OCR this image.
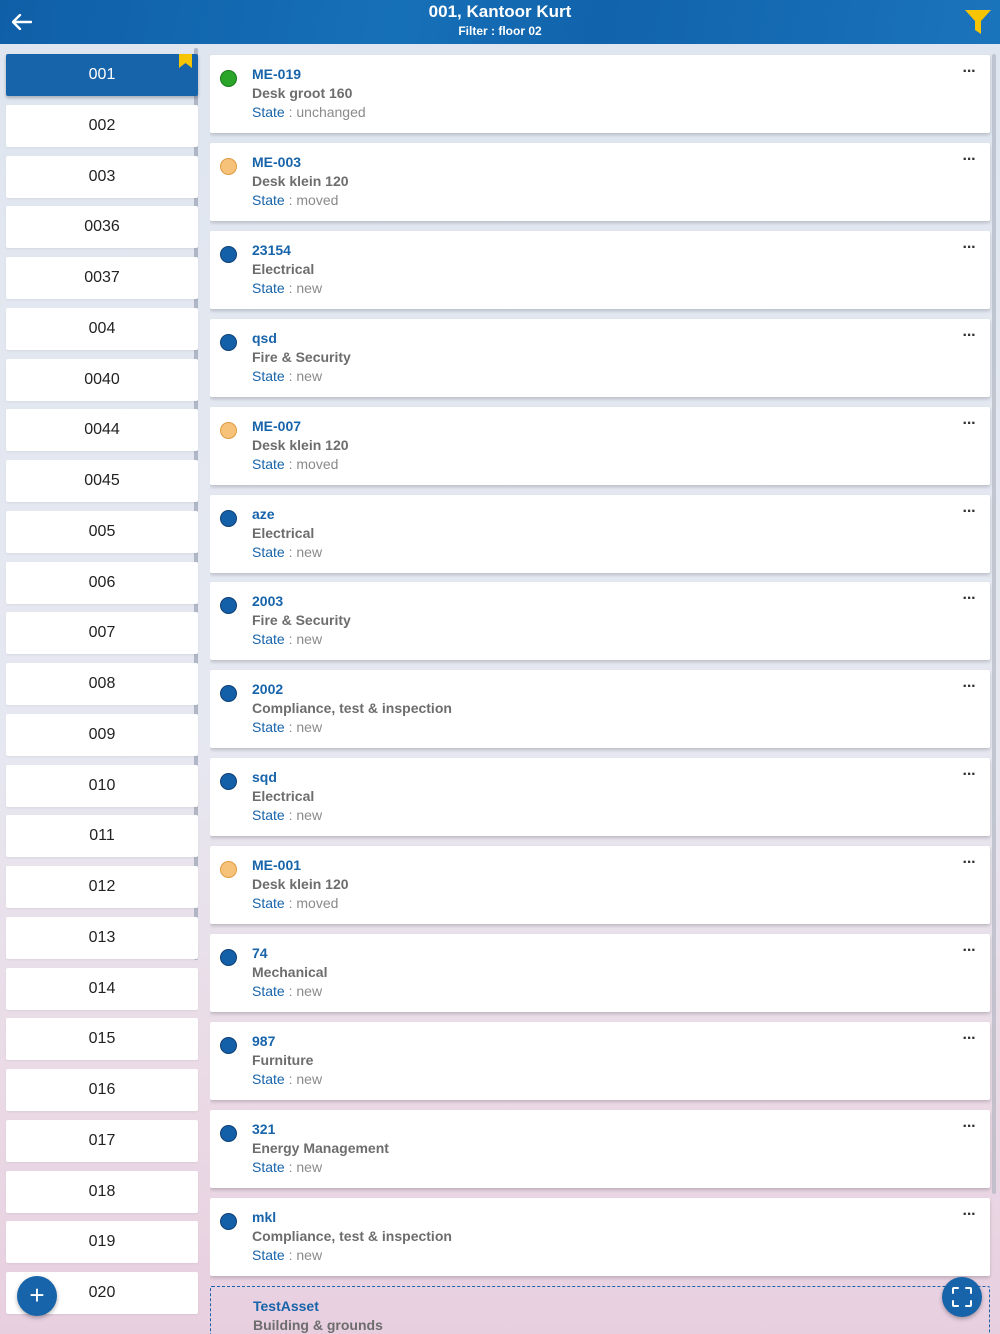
001, Kantoor Kurt
Filter : floor 02
001
002
003
0036
0037
004
0040
0044
0045
005
006
007
008
009
010
011
012
013
014
015
016
017
018
019
020
+
ME-019
Desk groot 160
State : unchanged
···
ME-003
Desk klein 120
State : moved
···
23154
Electrical
State : new
···
qsd
Fire & Security
State : new
···
ME-007
Desk klein 120
State : moved
···
aze
Electrical
State : new
···
2003
Fire & Security
State : new
···
2002
Compliance, test & inspection
State : new
···
sqd
Electrical
State : new
···
ME-001
Desk klein 120
State : moved
···
74
Mechanical
State : new
···
987
Furniture
State : new
···
321
Energy Management
State : new
···
mkl
Compliance, test & inspection
State : new
···
TestAsset
Building & grounds
